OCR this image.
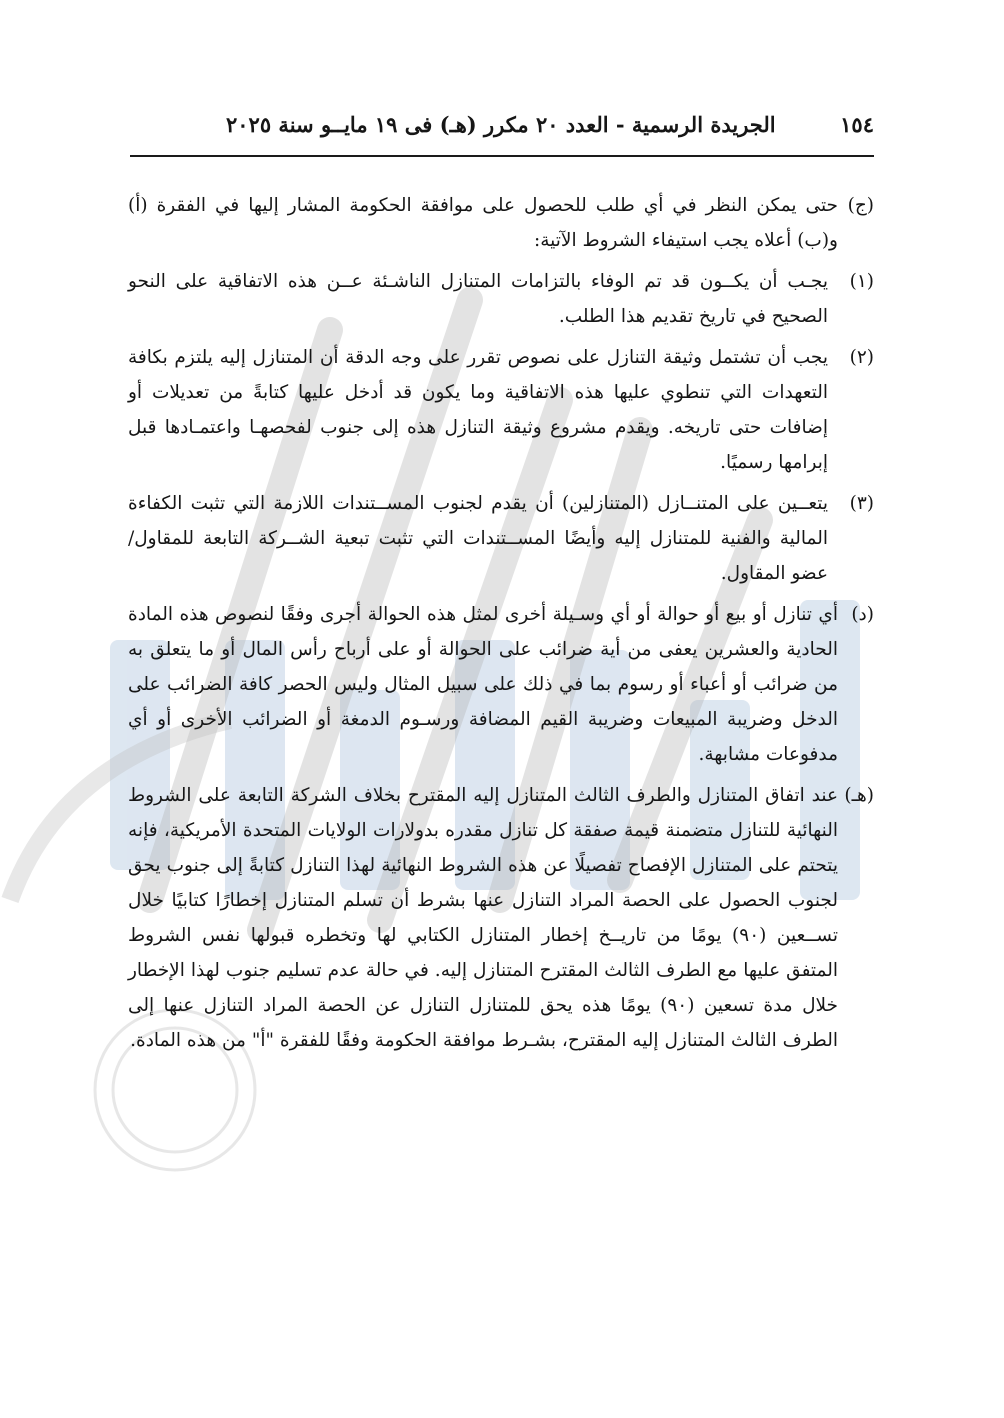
١٥٤
الجريدة الرسمية - العدد ٢٠ مكرر (هـ) فى ١٩ مايــو سنة ٢٠٢٥
(ج)
حتى يمكن النظر في أي طلب للحصول على موافقة الحكومة المشار إليها في الفقرة (أ) و(ب) أعلاه يجب استيفاء الشروط الآتية:
(١)
يجـب أن يكــون قد تم الوفاء بالتزامات المتنازل الناشـئة عــن هذه الاتفاقية على النحو الصحيح في تاريخ تقديم هذا الطلب.
(٢)
يجب أن تشتمل وثيقة التنازل على نصوص تقرر على وجه الدقة أن المتنازل إليه يلتزم بكافة التعهدات التي تنطوي عليها هذه الاتفاقية وما يكون قد أدخل عليها كتابةً من تعديلات أو إضافات حتى تاريخه. ويقدم مشروع وثيقة التنازل هذه إلى جنوب لفحصهـا واعتمـادها قبل إبرامها رسميًا.
(٣)
يتعــين على المتنــازل (المتنازلين) أن يقدم لجنوب المســتندات اللازمة التي تثبت الكفاءة المالية والفنية للمتنازل إليه وأيضًا المســتندات التي تثبت تبعية الشــركة التابعة للمقاول/عضو المقاول.
(د)
أي تنازل أو بيع أو حوالة أو أي وسـيلة أخرى لمثل هذه الحوالة أجرى وفقًا لنصوص هذه المادة الحادية والعشرين يعفى من أية ضرائب على الحوالة أو على أرباح رأس المال أو ما يتعلق به من ضرائب أو أعباء أو رسوم بما في ذلك على سبيل المثال وليس الحصر كافة الضرائب على الدخل وضريبة المبيعات وضريبة القيم المضافة ورسـوم الدمغة أو الضرائب الأخرى أو أي مدفوعات مشابهة.
(هـ)
عند اتفاق المتنازل والطرف الثالث المتنازل إليه المقترح بخلاف الشركة التابعة على الشروط النهائية للتنازل متضمنة قيمة صفقة كل تنازل مقدره بدولارات الولايات المتحدة الأمريكية، فإنه يتحتم على المتنازل الإفصاح تفصيلًا عن هذه الشروط النهائية لهذا التنازل كتابةً إلى جنوب يحق لجنوب الحصول على الحصة المراد التنازل عنها بشرط أن تسلم المتنازل إخطارًا كتابيًا خلال تســعين (٩٠) يومًا من تاريــخ إخطار المتنازل الكتابي لها وتخطره قبولها نفس الشروط المتفق عليها مع الطرف الثالث المقترح المتنازل إليه. في حالة عدم تسليم جنوب لهذا الإخطار خلال مدة تسعين (٩٠) يومًا هذه يحق للمتنازل التنازل عن الحصة المراد التنازل عنها إلى الطرف الثالث المتنازل إليه المقترح، بشـرط موافقة الحكومة وفقًا للفقرة "أ" من هذه المادة.
